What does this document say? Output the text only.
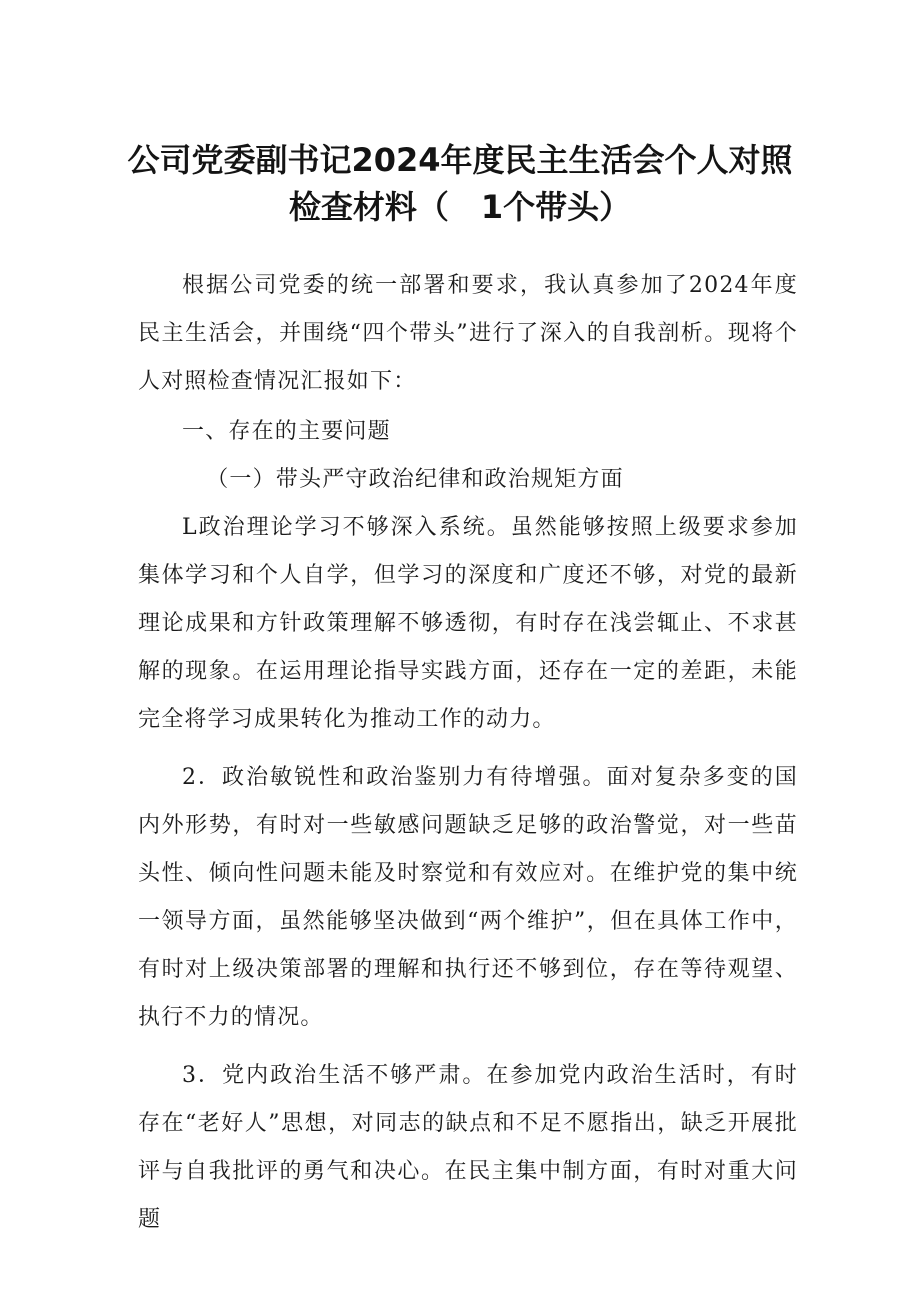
公司党委副书记2024年度民主生活会个人对照
检查材料（　1个带头）

根据公司党委的统一部署和要求，我认真参加了2024年度民主生活会，并围绕“四个带头”进行了深入的自我剖析。现将个人对照检查情况汇报如下：

一、存在的主要问题

（一）带头严守政治纪律和政治规矩方面

L政治理论学习不够深入系统。虽然能够按照上级要求参加集体学习和个人自学，但学习的深度和广度还不够，对党的最新理论成果和方针政策理解不够透彻，有时存在浅尝辄止、不求甚解的现象。在运用理论指导实践方面，还存在一定的差距，未能完全将学习成果转化为推动工作的动力。

2．政治敏锐性和政治鉴别力有待增强。面对复杂多变的国内外形势，有时对一些敏感问题缺乏足够的政治警觉，对一些苗头性、倾向性问题未能及时察觉和有效应对。在维护党的集中统一领导方面，虽然能够坚决做到“两个维护”，但在具体工作中，有时对上级决策部署的理解和执行还不够到位，存在等待观望、执行不力的情况。

3．党内政治生活不够严肃。在参加党内政治生活时，有时存在“老好人”思想，对同志的缺点和不足不愿指出，缺乏开展批评与自我批评的勇气和决心。在民主集中制方面，有时对重大问题
